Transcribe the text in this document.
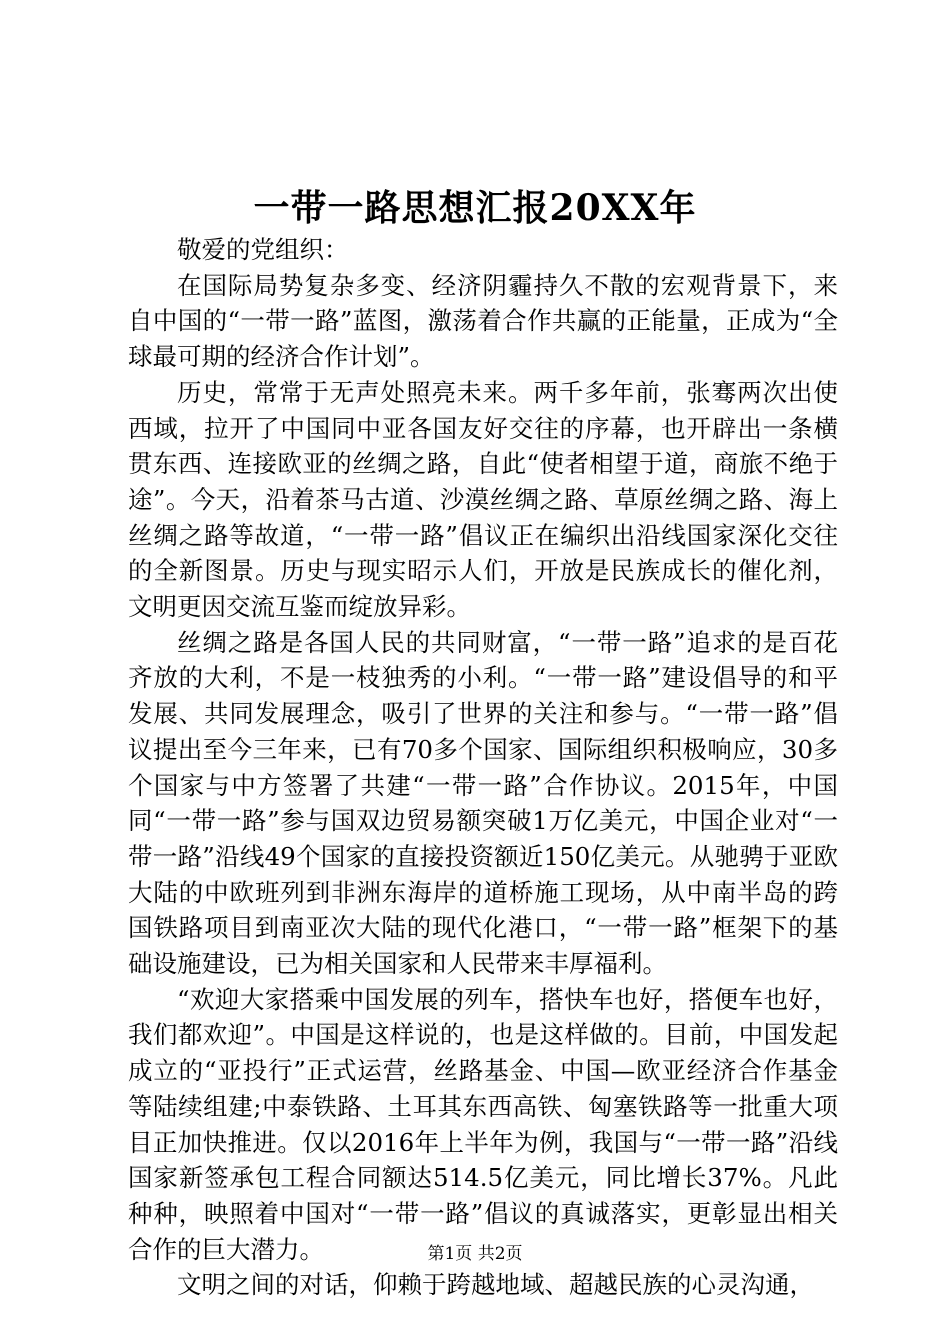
一带一路思想汇报20XX年

敬爱的党组织：

在国际局势复杂多变、经济阴霾持久不散的宏观背景下，来自中国的“一带一路”蓝图，激荡着合作共赢的正能量，正成为“全球最可期的经济合作计划”。

历史，常常于无声处照亮未来。两千多年前，张骞两次出使西域，拉开了中国同中亚各国友好交往的序幕，也开辟出一条横贯东西、连接欧亚的丝绸之路，自此“使者相望于道，商旅不绝于途”。今天，沿着茶马古道、沙漠丝绸之路、草原丝绸之路、海上丝绸之路等故道，“一带一路”倡议正在编织出沿线国家深化交往的全新图景。历史与现实昭示人们，开放是民族成长的催化剂，文明更因交流互鉴而绽放异彩。

丝绸之路是各国人民的共同财富，“一带一路”追求的是百花齐放的大利，不是一枝独秀的小利。“一带一路”建设倡导的和平发展、共同发展理念，吸引了世界的关注和参与。“一带一路”倡议提出至今三年来，已有70多个国家、国际组织积极响应，30多个国家与中方签署了共建“一带一路”合作协议。2015年，中国同“一带一路”参与国双边贸易额突破1万亿美元，中国企业对“一带一路”沿线49个国家的直接投资额近150亿美元。从驰骋于亚欧大陆的中欧班列到非洲东海岸的道桥施工现场，从中南半岛的跨国铁路项目到南亚次大陆的现代化港口，“一带一路”框架下的基础设施建设，已为相关国家和人民带来丰厚福利。

“欢迎大家搭乘中国发展的列车，搭快车也好，搭便车也好，我们都欢迎”。中国是这样说的，也是这样做的。目前，中国发起成立的“亚投行”正式运营，丝路基金、中国—欧亚经济合作基金等陆续组建;中泰铁路、土耳其东西高铁、匈塞铁路等一批重大项目正加快推进。仅以2016年上半年为例，我国与“一带一路”沿线国家新签承包工程合同额达514.5亿美元，同比增长37%。凡此种种，映照着中国对“一带一路”倡议的真诚落实，更彰显出相关合作的巨大潜力。

文明之间的对话，仰赖于跨越地域、超越民族的心灵沟通，

第1页 共2页
